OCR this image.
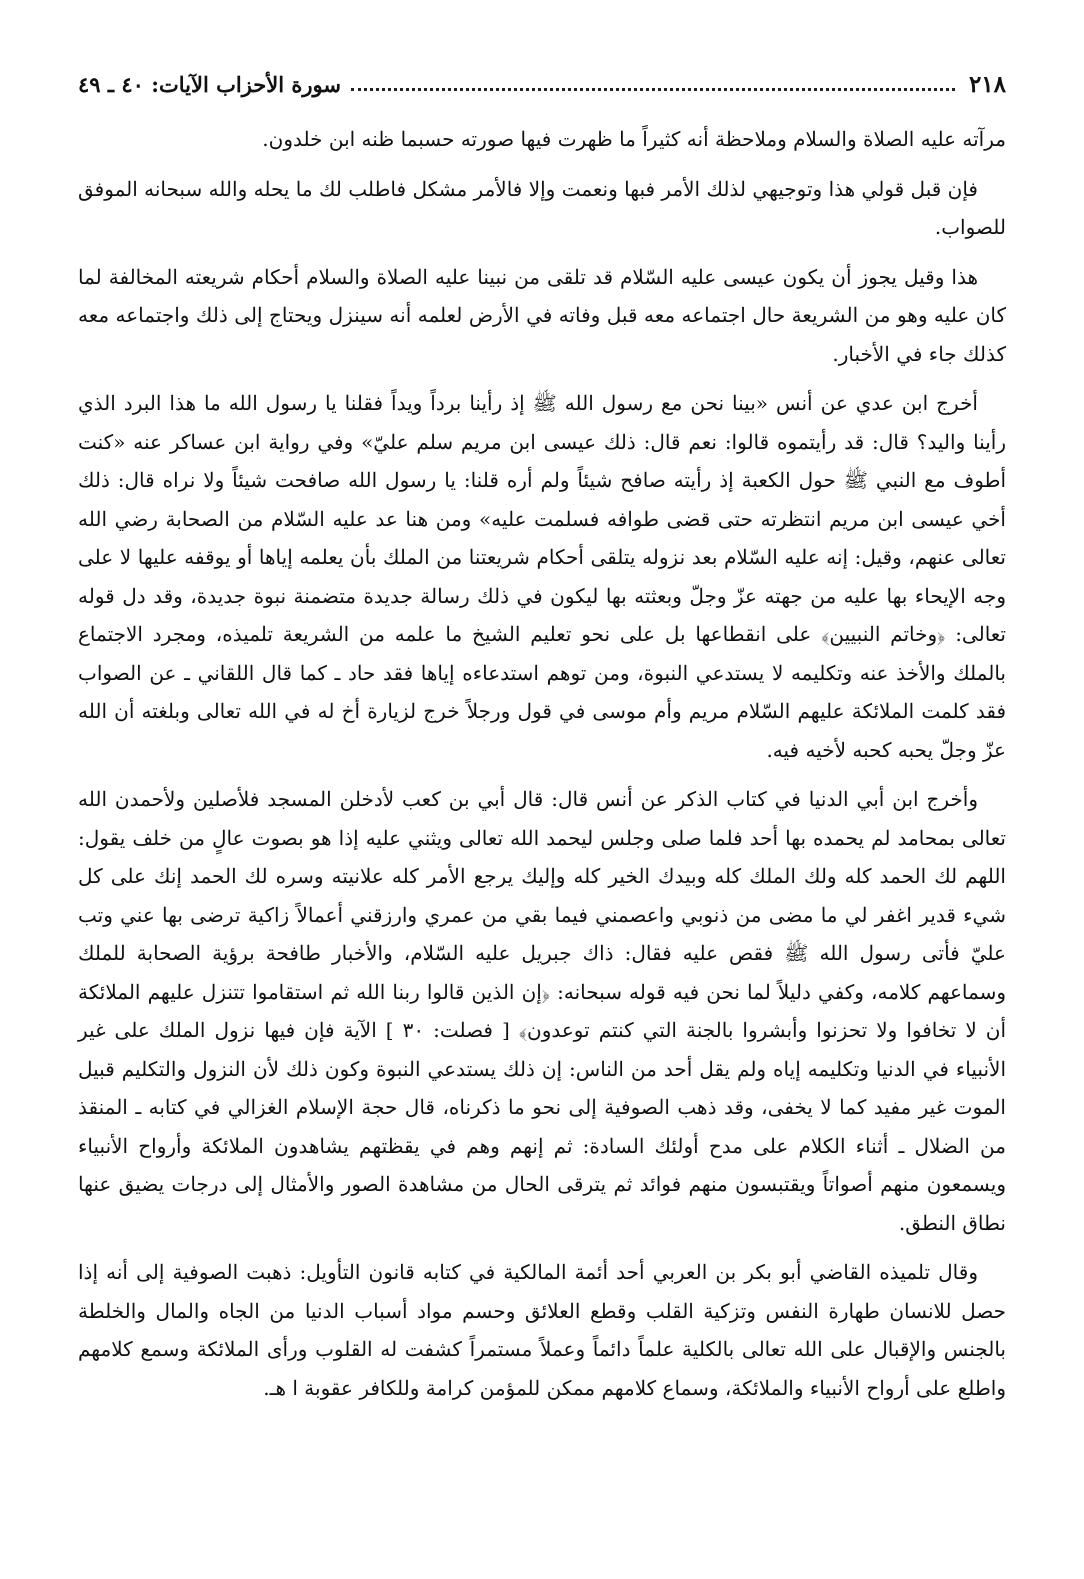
٢١٨
سورة الأحزاب الآيات: ٤٠ ـ ٤٩

مرآته عليه الصلاة والسلام وملاحظة أنه كثيراً ما ظهرت فيها صورته حسبما ظنه ابن خلدون.

فإن قبل قولي هذا وتوجيهي لذلك الأمر فبها ونعمت وإلا فالأمر مشكل فاطلب لك ما يحله والله سبحانه الموفق للصواب.

هذا وقيل يجوز أن يكون عيسى عليه السّلام قد تلقى من نبينا عليه الصلاة والسلام أحكام شريعته المخالفة لما كان عليه وهو من الشريعة حال اجتماعه معه قبل وفاته في الأرض لعلمه أنه سينزل ويحتاج إلى ذلك واجتماعه معه كذلك جاء في الأخبار.

أخرج ابن عدي عن أنس «بينا نحن مع رسول الله ﷺ إذ رأينا برداً ويداً فقلنا يا رسول الله ما هذا البرد الذي رأينا واليد؟ قال: قد رأيتموه قالوا: نعم قال: ذلك عيسى ابن مريم سلم عليّ» وفي رواية ابن عساكر عنه «كنت أطوف مع النبي ﷺ حول الكعبة إذ رأيته صافح شيئاً ولم أره قلنا: يا رسول الله صافحت شيئاً ولا نراه قال: ذلك أخي عيسى ابن مريم انتظرته حتى قضى طوافه فسلمت عليه» ومن هنا عد عليه السّلام من الصحابة رضي الله تعالى عنهم، وقيل: إنه عليه السّلام بعد نزوله يتلقى أحكام شريعتنا من الملك بأن يعلمه إياها أو يوقفه عليها لا على وجه الإيحاء بها عليه من جهته عزّ وجلّ وبعثته بها ليكون في ذلك رسالة جديدة متضمنة نبوة جديدة، وقد دل قوله تعالى: ﴿وخاتم النبيين﴾ على انقطاعها بل على نحو تعليم الشيخ ما علمه من الشريعة تلميذه، ومجرد الاجتماع بالملك والأخذ عنه وتكليمه لا يستدعي النبوة، ومن توهم استدعاءه إياها فقد حاد ـ كما قال اللقاني ـ عن الصواب فقد كلمت الملائكة عليهم السّلام مريم وأم موسى في قول ورجلاً خرج لزيارة أخ له في الله تعالى وبلغته أن الله عزّ وجلّ يحبه كحبه لأخيه فيه.

وأخرج ابن أبي الدنيا في كتاب الذكر عن أنس قال: قال أبي بن كعب لأدخلن المسجد فلأصلين ولأحمدن الله تعالى بمحامد لم يحمده بها أحد فلما صلى وجلس ليحمد الله تعالى ويثني عليه إذا هو بصوت عالٍ من خلف يقول: اللهم لك الحمد كله ولك الملك كله وبيدك الخير كله وإليك يرجع الأمر كله علانيته وسره لك الحمد إنك على كل شيء قدير اغفر لي ما مضى من ذنوبي واعصمني فيما بقي من عمري وارزقني أعمالاً زاكية ترضى بها عني وتب عليّ فأتى رسول الله ﷺ فقص عليه فقال: ذاك جبريل عليه السّلام، والأخبار طافحة برؤية الصحابة للملك وسماعهم كلامه، وكفي دليلاً لما نحن فيه قوله سبحانه: ﴿إن الذين قالوا ربنا الله ثم استقاموا تتنزل عليهم الملائكة أن لا تخافوا ولا تحزنوا وأبشروا بالجنة التي كنتم توعدون﴾ [ فصلت: ٣٠ ] الآية فإن فيها نزول الملك على غير الأنبياء في الدنيا وتكليمه إياه ولم يقل أحد من الناس: إن ذلك يستدعي النبوة وكون ذلك لأن النزول والتكليم قبيل الموت غير مفيد كما لا يخفى، وقد ذهب الصوفية إلى نحو ما ذكرناه، قال حجة الإسلام الغزالي في كتابه ـ المنقذ من الضلال ـ أثناء الكلام على مدح أولئك السادة: ثم إنهم وهم في يقظتهم يشاهدون الملائكة وأرواح الأنبياء ويسمعون منهم أصواتاً ويقتبسون منهم فوائد ثم يترقى الحال من مشاهدة الصور والأمثال إلى درجات يضيق عنها نطاق النطق.

وقال تلميذه القاضي أبو بكر بن العربي أحد أئمة المالكية في كتابه قانون التأويل: ذهبت الصوفية إلى أنه إذا حصل للانسان طهارة النفس وتزكية القلب وقطع العلائق وحسم مواد أسباب الدنيا من الجاه والمال والخلطة بالجنس والإقبال على الله تعالى بالكلية علماً دائماً وعملاً مستمراً كشفت له القلوب ورأى الملائكة وسمع كلامهم واطلع على أرواح الأنبياء والملائكة، وسماع كلامهم ممكن للمؤمن كرامة وللكافر عقوبة ا هـ.
